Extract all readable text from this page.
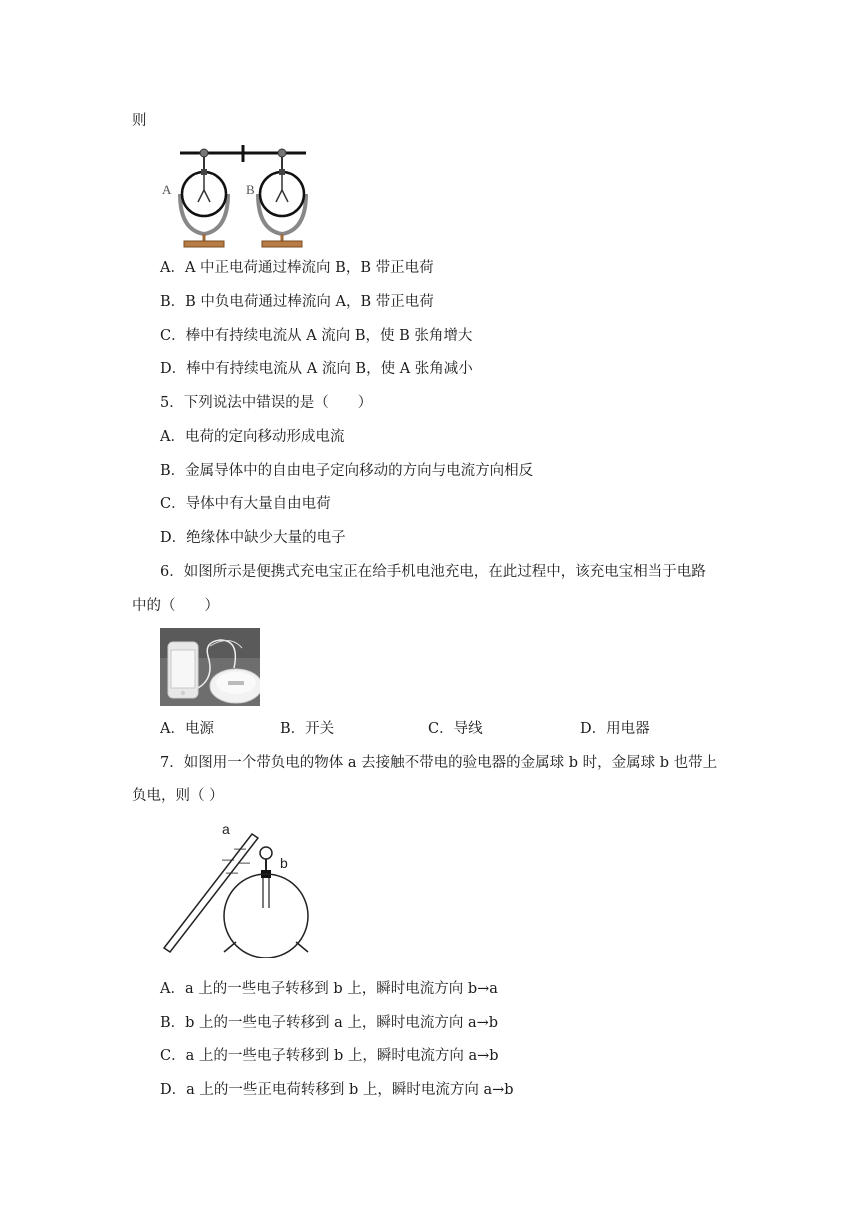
则
A	B
A．A 中正电荷通过棒流向 B，B 带正电荷
B．B 中负电荷通过棒流向 A，B 带正电荷
C．棒中有持续电流从 A 流向 B，使 B 张角增大
D．棒中有持续电流从 A 流向 B，使 A 张角减小
5．下列说法中错误的是（　　）
A．电荷的定向移动形成电流
B．金属导体中的自由电子定向移动的方向与电流方向相反
C．导体中有大量自由电荷
D．绝缘体中缺少大量的电子
6．如图所示是便携式充电宝正在给手机电池充电，在此过程中，该充电宝相当于电路
中的（　　）
A．电源	B．开关	C．导线	D．用电器
7．如图用一个带负电的物体 a 去接触不带电的验电器的金属球 b 时，金属球 b 也带上
负电，则（ ）
a
—
— —
—
b
A．a 上的一些电子转移到 b 上，瞬时电流方向 b→a
B．b 上的一些电子转移到 a 上，瞬时电流方向 a→b
C．a 上的一些电子转移到 b 上，瞬时电流方向 a→b
D．a 上的一些正电荷转移到 b 上，瞬时电流方向 a→b
